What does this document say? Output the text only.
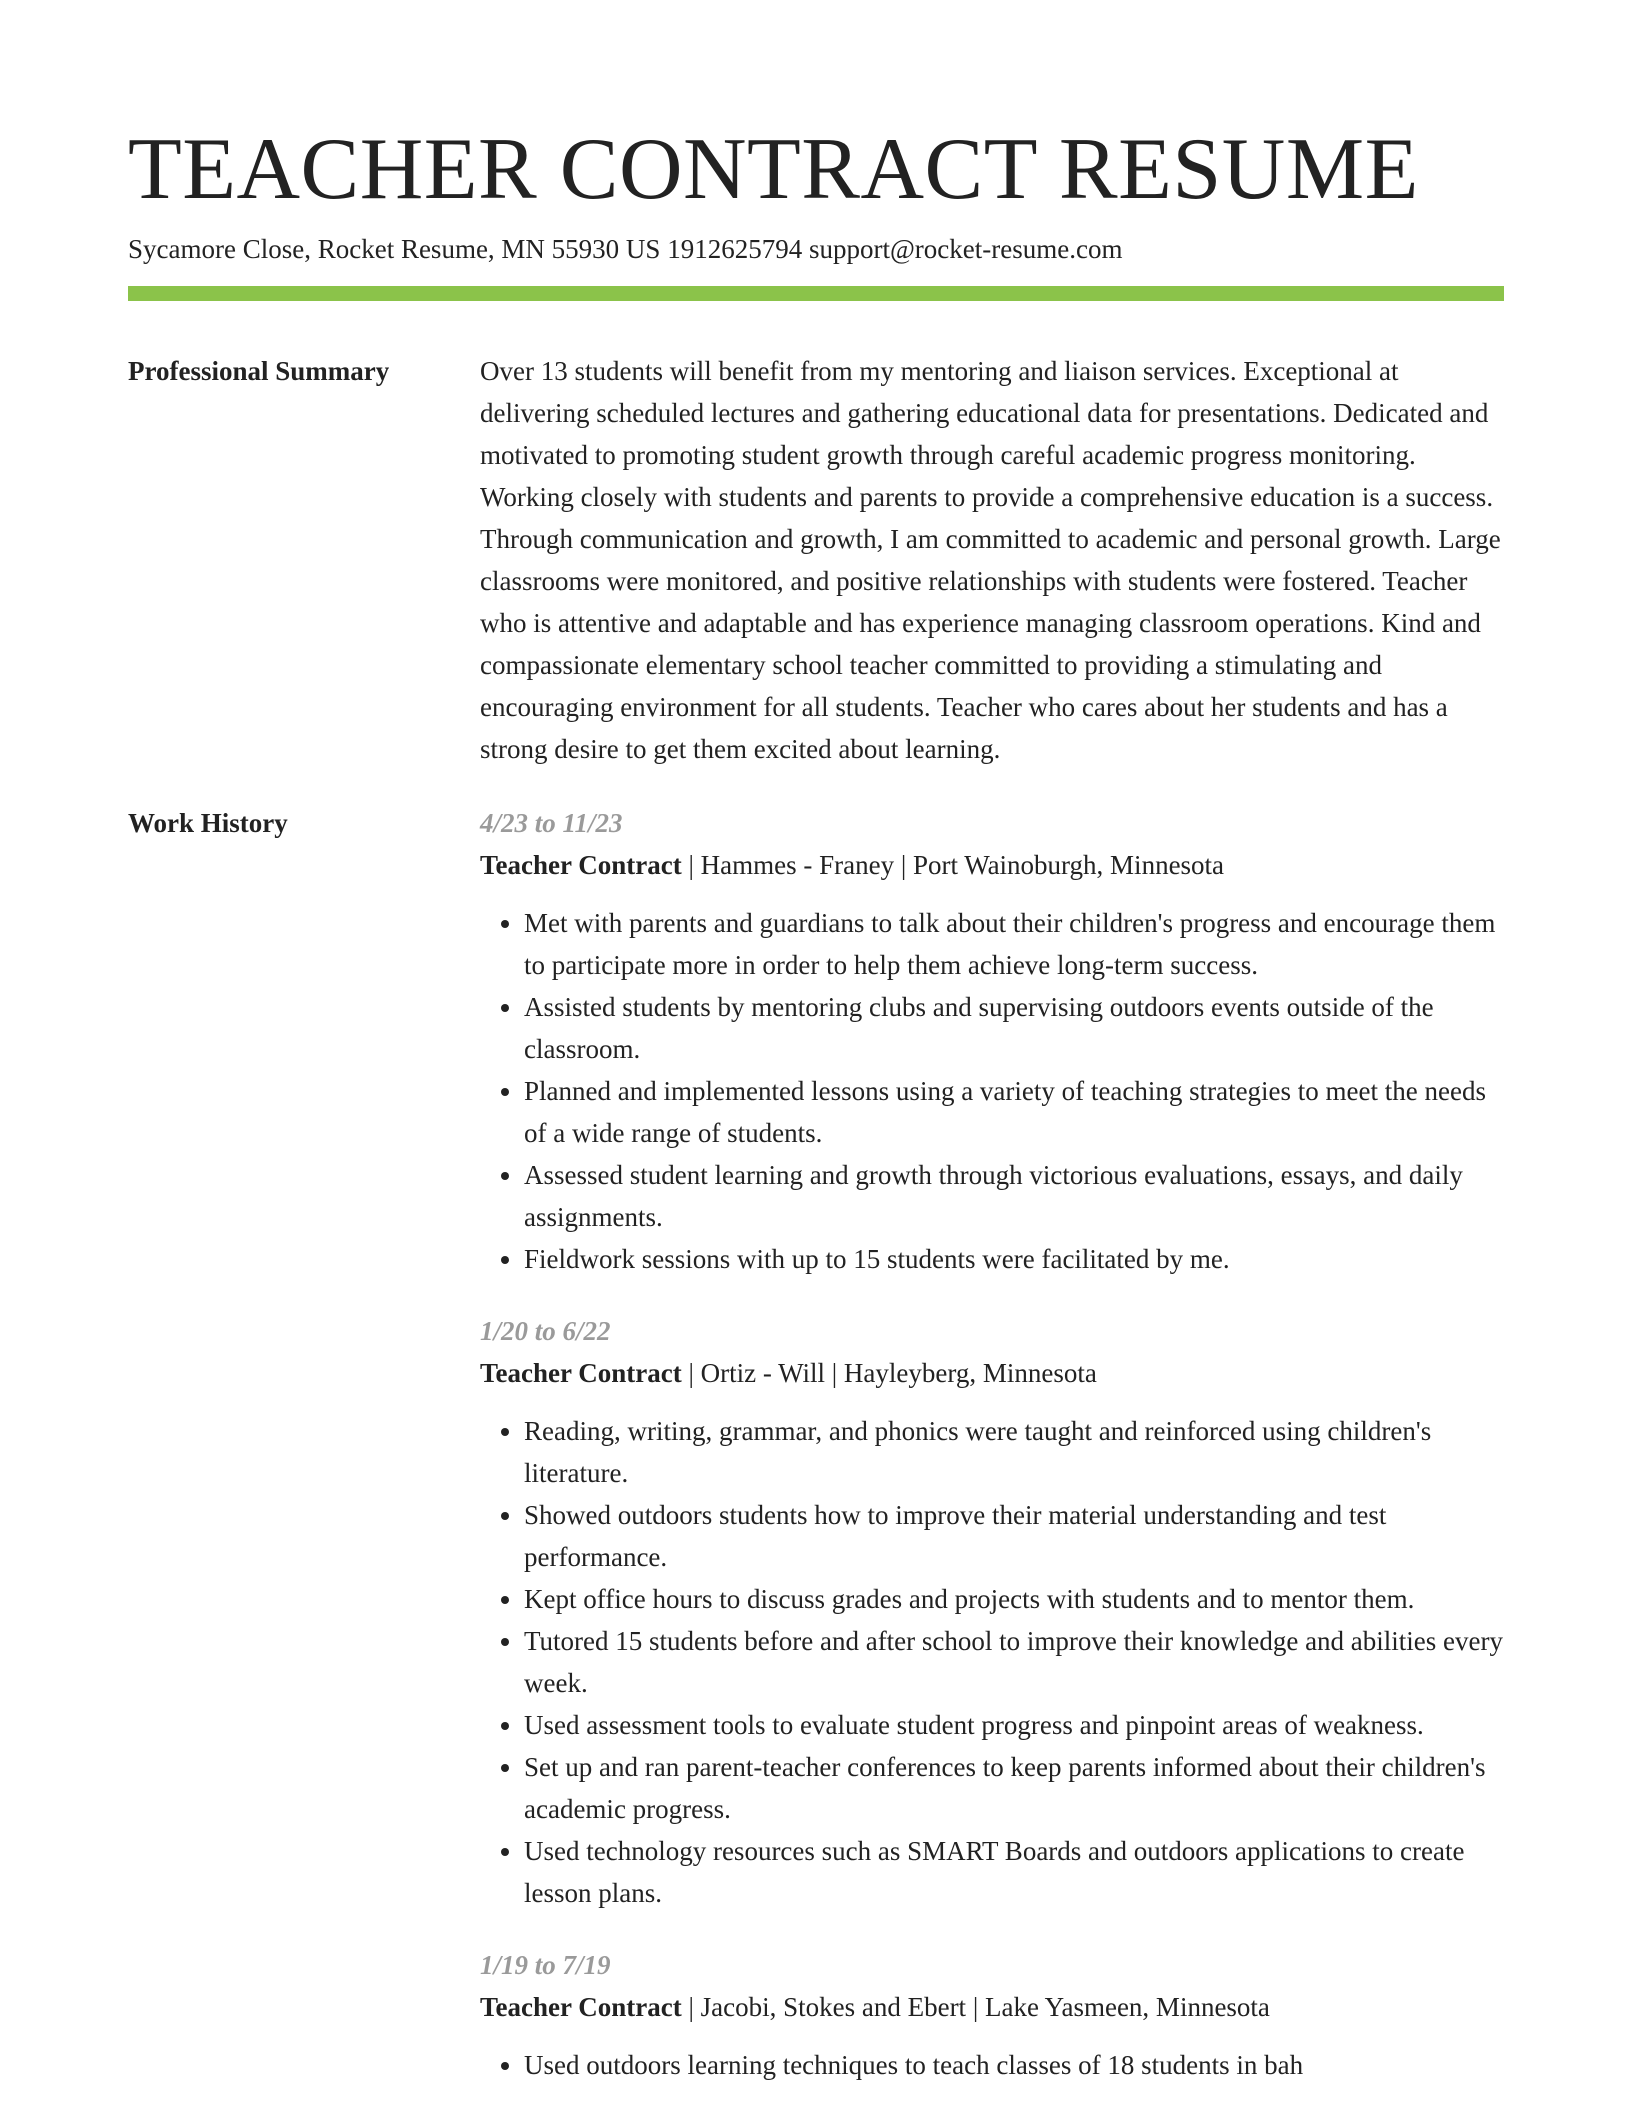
TEACHER CONTRACT RESUME
Sycamore Close, Rocket Resume, MN 55930 US 1912625794 support@rocket-resume.com
Professional Summary	Over 13 students will benefit from my mentoring and liaison services. Exceptional at delivering scheduled lectures and gathering educational data for presentations. Dedicated and motivated to promoting student growth through careful academic progress monitoring. Working closely with students and parents to provide a comprehensive education is a success. Through communication and growth, I am committed to academic and personal growth. Large classrooms were monitored, and positive relationships with students were fostered. Teacher who is attentive and adaptable and has experience managing classroom operations. Kind and compassionate elementary school teacher committed to providing a stimulating and encouraging environment for all students. Teacher who cares about her students and has a strong desire to get them excited about learning.

Work History	4/23 to 11/23

Teacher Contract | Hammes - Franey | Port Wainoburgh, Minnesota

• Met with parents and guardians to talk about their children's progress and encourage them to participate more in order to help them achieve long-term success.
• Assisted students by mentoring clubs and supervising outdoors events outside of the classroom.
• Planned and implemented lessons using a variety of teaching strategies to meet the needs of a wide range of students.
• Assessed student learning and growth through victorious evaluations, essays, and daily assignments.
• Fieldwork sessions with up to 15 students were facilitated by me.

1/20 to 6/22

Teacher Contract | Ortiz - Will | Hayleyberg, Minnesota

• Reading, writing, grammar, and phonics were taught and reinforced using children's literature.
• Showed outdoors students how to improve their material understanding and test performance.
• Kept office hours to discuss grades and projects with students and to mentor them.
• Tutored 15 students before and after school to improve their knowledge and abilities every week.
• Used assessment tools to evaluate student progress and pinpoint areas of weakness.
• Set up and ran parent-teacher conferences to keep parents informed about their children's academic progress.
• Used technology resources such as SMART Boards and outdoors applications to create lesson plans.

1/19 to 7/19

Teacher Contract | Jacobi, Stokes and Ebert | Lake Yasmeen, Minnesota

• Used outdoors learning techniques to teach classes of 18 students in bah
